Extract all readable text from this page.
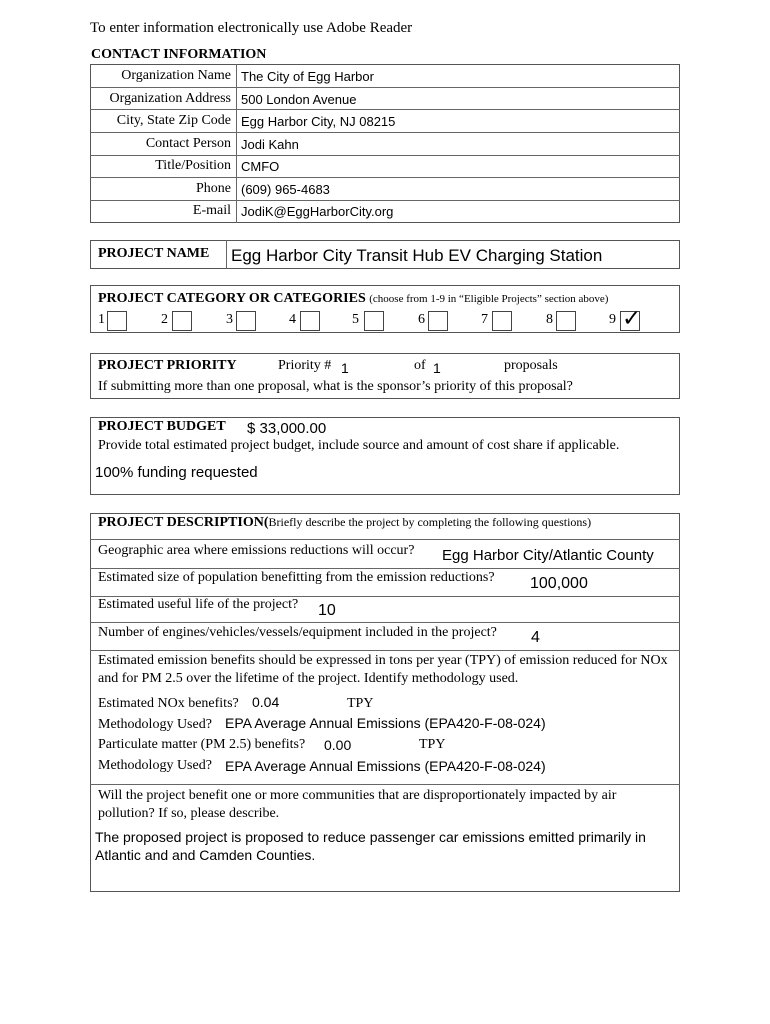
To enter information electronically use Adobe Reader
CONTACT INFORMATION
Organization Name The City of Egg Harbor
Organization Address 500 London Avenue
City, State Zip Code Egg Harbor City, NJ 08215
Contact Person Jodi Kahn
Title/Position CMFO
Phone (609) 965-4683
E-mail JodiK@EggHarborCity.org
PROJECT NAME Egg Harbor City Transit Hub EV Charging Station
PROJECT CATEGORY OR CATEGORIES (choose from 1-9 in “Eligible Projects” section above)
1	2	3	4	5	6	7	8	9 ✓
PROJECT PRIORITY	Priority # 1	of 1	proposals
If submitting more than one proposal, what is the sponsor’s priority of this proposal?
PROJECT BUDGET $ 33,000.00
Provide total estimated project budget, include source and amount of cost share if applicable.
100% funding requested
PROJECT DESCRIPTION(Briefly describe the project by completing the following questions)
Geographic area where emissions reductions will occur? Egg Harbor City/Atlantic County
Estimated size of population benefitting from the emission reductions? 100,000
Estimated useful life of the project? 10
Number of engines/vehicles/vessels/equipment included in the project? 4
Estimated emission benefits should be expressed in tons per year (TPY) of emission reduced for NOx and for PM 2.5 over the lifetime of the project. Identify methodology used.
Estimated NOx benefits? 0.04	TPY
Methodology Used? EPA Average Annual Emissions (EPA420-F-08-024)
Particulate matter (PM 2.5) benefits? 0.00	TPY
Methodology Used? EPA Average Annual Emissions (EPA420-F-08-024)
Will the project benefit one or more communities that are disproportionately impacted by air pollution? If so, please describe.
The proposed project is proposed to reduce passenger car emissions emitted primarily in Atlantic and and Camden Counties.
